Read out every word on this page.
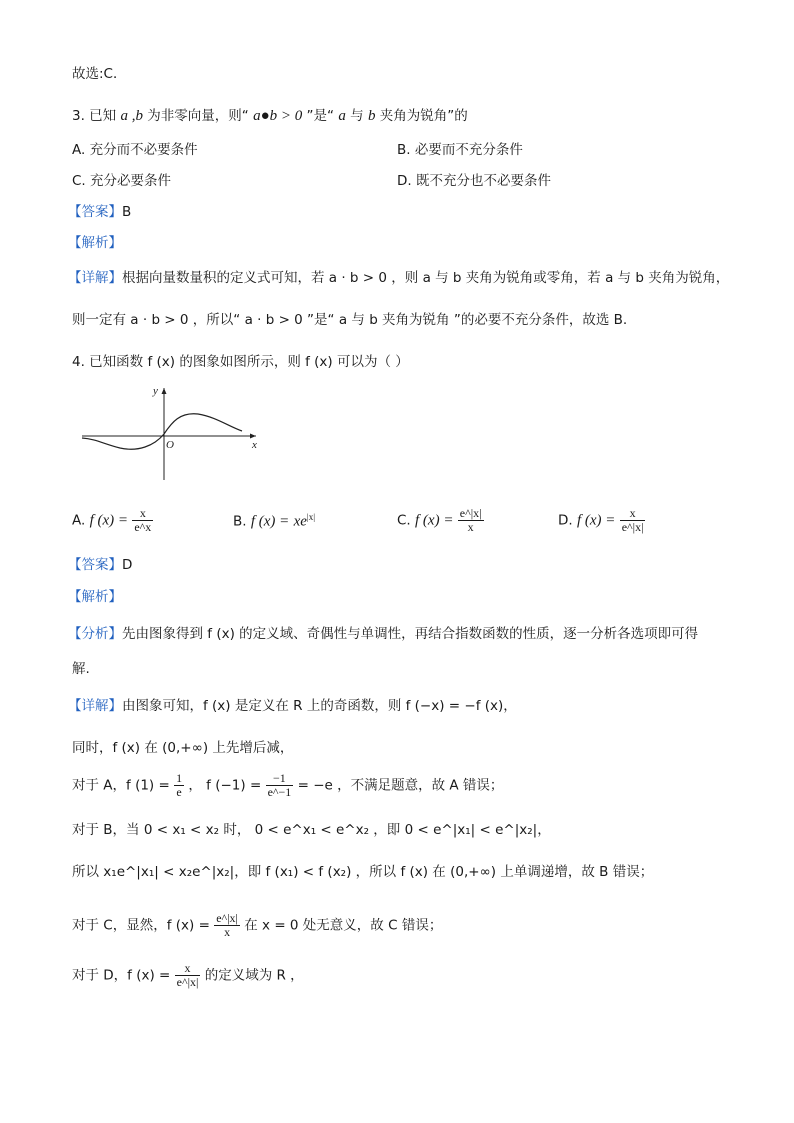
故选:C．
3. 已知 a ,b 为非零向量，则“ a●b > 0 ”是“ a 与 b 夹角为锐角”的
A. 充分而不必要条件	B. 必要而不充分条件
C. 充分必要条件	D. 既不充分也不必要条件
【答案】B
【解析】
【详解】根据向量数量积的定义式可知，若 a · b > 0 ，则 a 与 b 夹角为锐角或零角，若 a 与 b 夹角为锐角，
则一定有 a · b > 0 ，所以“ a · b > 0 ”是“ a 与 b 夹角为锐角 ”的必要不充分条件，故选 B.
4. 已知函数 f (x) 的图象如图所示，则 f (x) 可以为（ ）
y
x
O
A. f $(x) = \frac{x}{e\^{}x}$	B. f $(x) = xe^{|x|}$	C. f $(x) = \frac{e\^{}|x|}{x}$	D. f $(x) = \frac{x}{e\^{}|x|}$
【答案】D
【解析】
【分析】先由图象得到 f (x) 的定义域、奇偶性与单调性，再结合指数函数的性质，逐一分析各选项即可得
解.
【详解】由图象可知，f (x) 是定义在 R 上的奇函数，则 f (−x) = −f (x)，
同时，f (x) 在 (0,+∞) 上先增后减，
对于 A，f $(1) = \frac{1}{e}$ ， f $(-1) = \frac{-1}{e\^{}-1} = -e$ ，不满足题意，故 A 错误；
对于 B，当 0 < x₁ < x₂ 时， 0 < e^x₁ < e^x₂ ，即 0 < e^|x₁| < e^|x₂|，
所以 x₁e^|x₁| < x₂e^|x₂|，即 f (x₁) < f (x₂) ，所以 f (x) 在 (0,+∞) 上单调递增，故 B 错误；
对于 C，显然，f $(x) = \frac{e\^{}|x|}{x}$ 在 x = 0 处无意义，故 C 错误；
对于 D，f $(x) = \frac{x}{e\^{}|x|}$ 的定义域为 R ，
